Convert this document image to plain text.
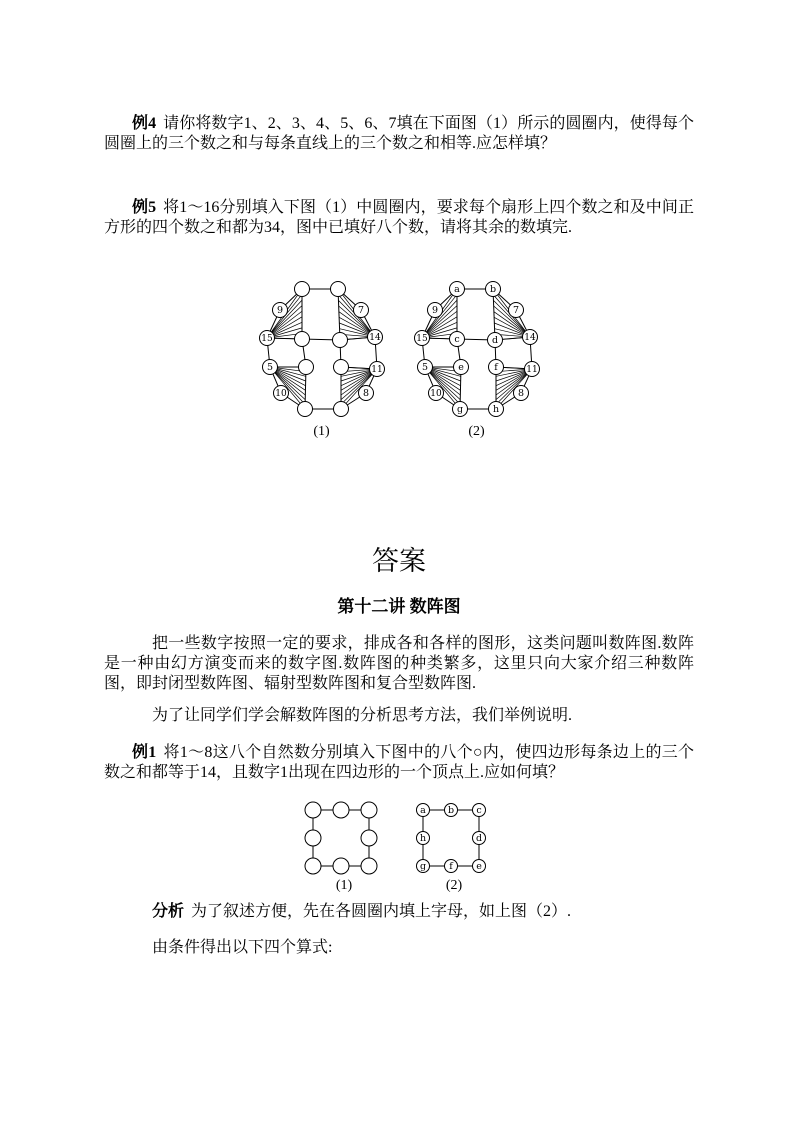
例4 请你将数字1、2、3、4、5、6、7填在下面图（1）所示的圆圈内，使得每个圆圈上的三个数之和与每条直线上的三个数之和相等.应怎样填？

例5 将1～16分别填入下图（1）中圆圈内，要求每个扇形上四个数之和及中间正方形的四个数之和都为34，图中已填好八个数，请将其余的数填完.

9
15
5
10
7
14
11
8
(1)
9
15
5
10
7
14
11
8
a	b
c	d
e	f
g	h
(2)
答案
第十二讲 数阵图

把一些数字按照一定的要求，排成各和各样的图形，这类问题叫数阵图.数阵是一种由幻方演变而来的数字图.数阵图的种类繁多，这里只向大家介绍三种数阵图，即封闭型数阵图、辐射型数阵图和复合型数阵图.

为了让同学们学会解数阵图的分析思考方法，我们举例说明.

例1 将1～8这八个自然数分别填入下图中的八个○内，使四边形每条边上的三个数之和都等于14，且数字1出现在四边形的一个顶点上.应如何填？

(1)
a b c
d
e
f
g
h
(2)

分析 为了叙述方便，先在各圆圈内填上字母，如上图（2）.

由条件得出以下四个算式:
